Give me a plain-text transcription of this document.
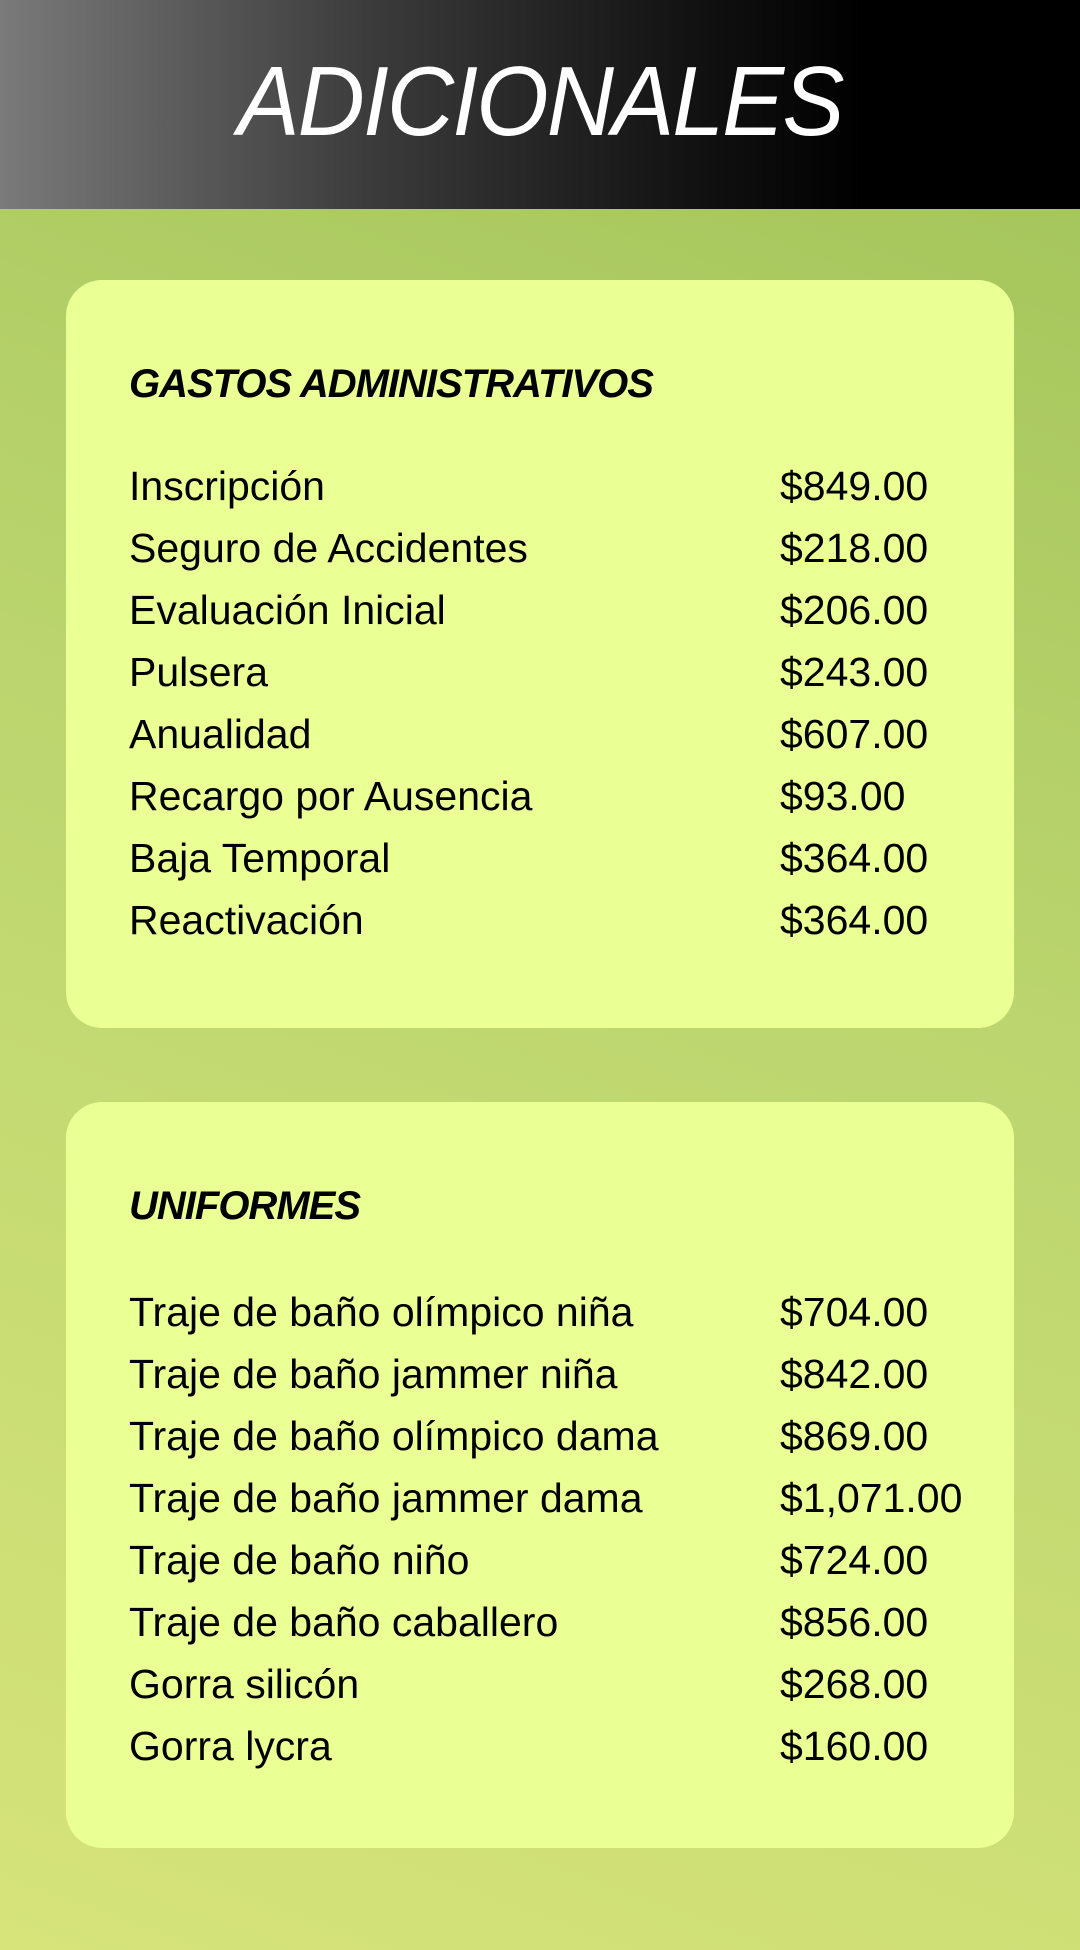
ADICIONALES
GASTOS ADMINISTRATIVOS
Inscripción	$849.00
Seguro de Accidentes	$218.00
Evaluación Inicial	$206.00
Pulsera	$243.00
Anualidad	$607.00
Recargo por Ausencia	$93.00
Baja Temporal	$364.00
Reactivación	$364.00
UNIFORMES
Traje de baño olímpico niña	$704.00
Traje de baño jammer niña	$842.00
Traje de baño olímpico dama	$869.00
Traje de baño jammer dama	$1,071.00
Traje de baño niño	$724.00
Traje de baño caballero	$856.00
Gorra silicón	$268.00
Gorra lycra	$160.00
